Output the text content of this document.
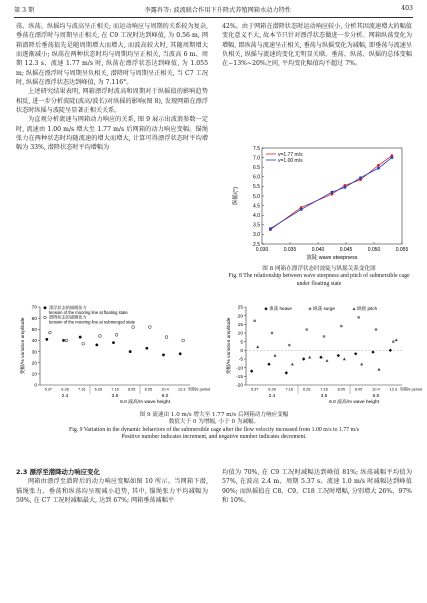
第 3 期	李露冉等: 波流联合作用下升降式养殖网箱水动力特性	403

荡、纵荡、纵摇均与波高呈正相关; 而运动响应与周期的关系较为复杂, 垂荡在漂浮时与周期呈正相关, 在 C9 工况时达到峰值, 为 0.56 m, 网箱潜降后垂荡值先是随周期增大而增大, 而波高较大时, 其随周期增大而逐渐减小; 纵荡在两种状态时均与周期均呈正相关, 当波高 6 m、周期 12.3 s、流速 1.77 m/s 时, 纵荡在漂浮状态达到峰值, 为 1.055 m; 纵摇在漂浮时与周期呈负相关, 潜降时与周期呈正相关, 当 C7 工况时, 纵摇在漂浮状态达到峰值, 为 7.116°。

上述研究结果表明, 网箱漂浮时波高和周期对于纵摇值的影响趋势相反, 进一步分析波陡(波高/波长)对纵摇的影响(图 8), 发现网箱在漂浮状态时纵摇与波陡呈显著正相关关系。

为直观分析流速与网箱动力响应的关系, 图 9 展示出波浪参数一定时, 流速由 1.00 m/s 增大至 1.77 m/s 后网箱的动力响应变幅。锚绳张力在两种状态时均随流速的增大而增大, 计算可得漂浮状态时平均增幅为 33%, 潜降状态时平均增幅为

42%。由于网箱在潜降状态时运动响应较小, 分析其因流速增大的幅值变化意义不大, 故本节只针对漂浮状态做进一步分析。网箱纵荡变化为增幅, 即纵荡与流速呈正相关, 垂荡与纵摇变化为减幅, 即垂荡与流速呈负相关, 纵摇与流速的变化无明显关联。垂荡、纵荡、纵摇的总体变幅在−13%~20%之间, 平均变化幅值均不超过 7%。

2.5
3.0
3.5
4.0
4.5
5.0
5.5
6.0
6.5
7.0
7.5
0.030	0.035	0.040	0.045	0.050	0.055
波陡 wave steepness
纵摇/(°)
v=1.77 m/s
v=1.00 m/s
图 8 网箱在漂浮状态时波陡与纵摇关系变化图
Fig. 8 The relationship between wave steepness and pitch of submersible cage under floating state
0
10
20
30
40
50
60
70
5.37 6.28 7.16 6.26 7.16 8.05 8.05 10.4 12.3 周期/s period
2.4	3.6	6.0
6.0 波高/m wave height
变幅/% variation amplitude
漂浮状态的锚绳张力
tension of the mooring line at floating state
潜降状态的锚绳张力
tension of the mooring line at submerged state
-20
-15
-10
-5
0
5
10
15
20
25
5.37	6.28	7.16	6.26	7.16	8.05	8.05	10.4	12.3 周期/s period
2.4	3.6	6.0
6.0 波高/m wave height
变幅/% variation amplitude
垂荡 heave	纵荡 surge	纵摇 pitch
图 9 流速由 1.0 m/s 增大至 1.77 m/s 后网箱动力响应变幅
数值大于 0 为增幅, 小于 0 为减幅。
Fig. 9 Variation in the dynamic behaviors of the submersible cage after the flow velocity increased from 1.00 m/s to 1.77 m/s
Positive number indicates increment, and negative number indicates decrement.

2.3 漂浮至潜降动力响应变化

网箱由漂浮至潜降后的动力响应变幅如图 10 所示。当网箱下潜, 锚绳张力、垂荡和纵荡均呈现减小趋势, 其中, 锚绳张力平均减幅为 59%, 在 C7 工况时减幅最大, 达到 67%; 网箱垂荡减幅平

均值为 70%, 在 C9 工况时减幅达到峰值 81%; 纵荡减幅平均值为 57%, 在波高 2.4 m、周期 5.37 s、流速 1.0 m/s 时减幅达到峰值 90%; 而纵摇值在 C8、C9、C18 工况时增幅, 分别增大 26%、97% 和 10%。
